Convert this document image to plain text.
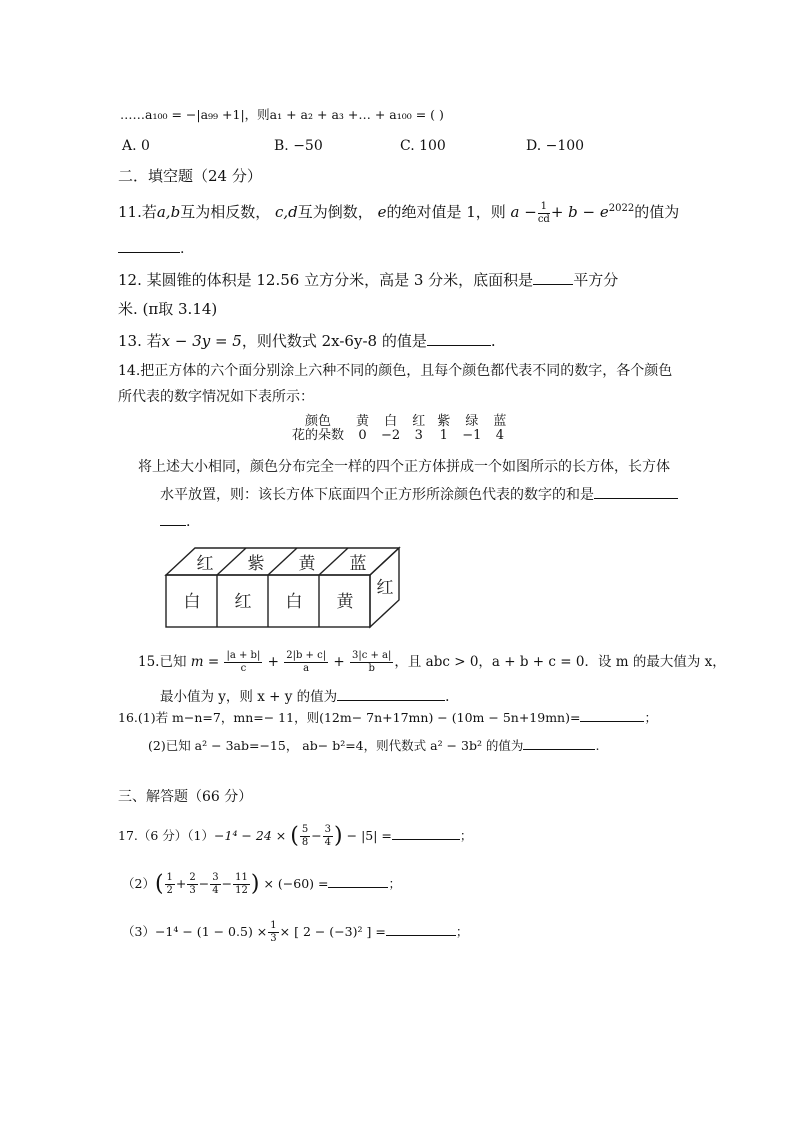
……a₁₀₀ = −|a₉₉ +1|，则a₁ + a₂ + a₃ +… + a₁₀₀ = ( )
A. 0	B. −50	C. 100	D. −100
二．填空题（24 分）
11.若a,b互为相反数， c,d互为倒数， e的绝对值是 1，则 $a - \frac{1}{cd} + b - e^{2022}$的值为
.
12. 某圆锥的体积是 12.56 立方分米，高是 3 分米，底面积是	平方分
米. (π取 3.14)
13. 若x − 3y = 5，则代数式 2x-6y-8 的值是	.
14.把正方体的六个面分别涂上六种不同的颜色，且每个颜色都代表不同的数字，各个颜色
所代表的数字情况如下表所示：
颜色	黄	白	红	紫	绿	蓝
花的朵数	0	−2	3	1	−1	4
将上述大小相同，颜色分布完全一样的四个正方体拼成一个如图所示的长方体，长方体
水平放置，则：该长方体下底面四个正方形所涂颜色代表的数字的和是
.
红 紫 黄 蓝
白 红 白 黄
红
15.已知 $m = \frac{|a + b|}{c} + \frac{2|b + c|}{a} + \frac{3|c + a|}{b}$ ，且 abc > 0，a + b + c = 0．设 m 的最大值为 x，
最小值为 y，则 x + y 的值为	.
16.(1)若 m−n=7，mn=− 11，则(12m− 7n+17mn) − (10m − 5n+19mn)=	；
(2)已知 a² − 3ab=−15， ab− b²=4，则代数式 a² − 3b² 的值为	.
三、解答题（66 分）
17.（6 分）（1）−1⁴ − 24 × ( $\frac{5}{8} - \frac{3}{4}$ ) − |5| =	；
$(2)( \frac{1}{2} + \frac{2}{3} - \frac{3}{4} - \frac{11}{12}$ ) × (−60) =	；
$(3)-1^4 - (1 - 0.5) \times \frac{1}{3}$ × [ 2 − (−3)² ] =	；
